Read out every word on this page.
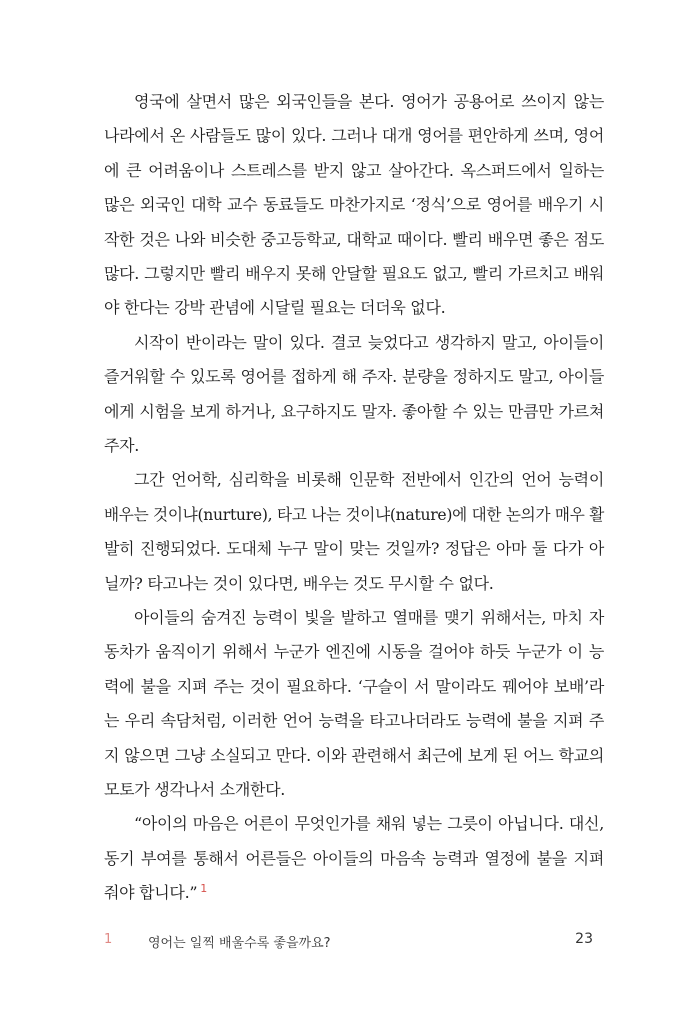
영국에 살면서 많은 외국인들을 본다. 영어가 공용어로 쓰이지 않는
나라에서 온 사람들도 많이 있다. 그러나 대개 영어를 편안하게 쓰며, 영어
에 큰 어려움이나 스트레스를 받지 않고 살아간다. 옥스퍼드에서 일하는
많은 외국인 대학 교수 동료들도 마찬가지로 ‘정식’으로 영어를 배우기 시
작한 것은 나와 비슷한 중고등학교, 대학교 때이다. 빨리 배우면 좋은 점도
많다. 그렇지만 빨리 배우지 못해 안달할 필요도 없고, 빨리 가르치고 배워
야 한다는 강박 관념에 시달릴 필요는 더더욱 없다.
시작이 반이라는 말이 있다. 결코 늦었다고 생각하지 말고, 아이들이
즐거워할 수 있도록 영어를 접하게 해 주자. 분량을 정하지도 말고, 아이들
에게 시험을 보게 하거나, 요구하지도 말자. 좋아할 수 있는 만큼만 가르쳐
주자.
그간 언어학, 심리학을 비롯해 인문학 전반에서 인간의 언어 능력이
배우는 것이냐(nurture), 타고 나는 것이냐(nature)에 대한 논의가 매우 활
발히 진행되었다. 도대체 누구 말이 맞는 것일까? 정답은 아마 둘 다가 아
닐까? 타고나는 것이 있다면, 배우는 것도 무시할 수 없다.
아이들의 숨겨진 능력이 빛을 발하고 열매를 맺기 위해서는, 마치 자
동차가 움직이기 위해서 누군가 엔진에 시동을 걸어야 하듯 누군가 이 능
력에 불을 지펴 주는 것이 필요하다. ‘구슬이 서 말이라도 꿰어야 보배’라
는 우리 속담처럼, 이러한 언어 능력을 타고나더라도 능력에 불을 지펴 주
지 않으면 그냥 소실되고 만다. 이와 관련해서 최근에 보게 된 어느 학교의
모토가 생각나서 소개한다.
“아이의 마음은 어른이 무엇인가를 채워 넣는 그릇이 아닙니다. 대신,
동기 부여를 통해서 어른들은 아이들의 마음속 능력과 열정에 불을 지펴
줘야 합니다.” $^1$
1	영어는 일찍 배울수록 좋을까요?	23
